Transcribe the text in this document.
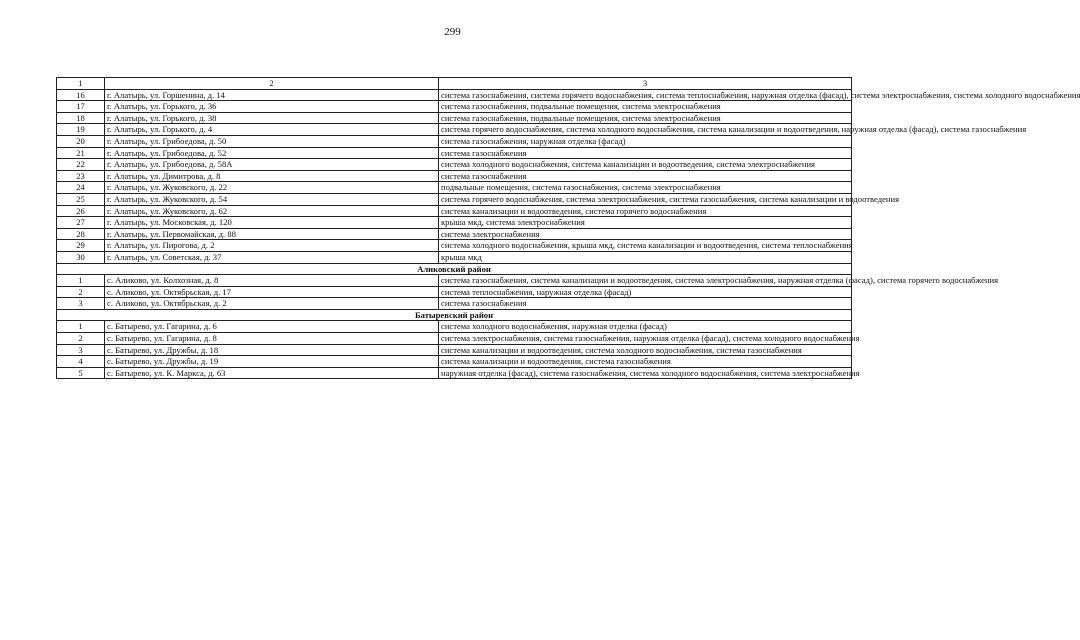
299
1	2	3
16	г. Алатырь, ул. Горшенина, д. 14	система газоснабжения, система горячего водоснабжения, система теплоснабжения, наружная отделка (фасад), система электроснабжения, система холодного водоснабжения
17	г. Алатырь, ул. Горького, д. 36	система газоснабжения, подвальные помещения, система электроснабжения
18	г. Алатырь, ул. Горького, д. 38	система газоснабжения, подвальные помещения, система электроснабжения
19	г. Алатырь, ул. Горького, д. 4	система горячего водоснабжения, система холодного водоснабжения, система канализации и водоотведения, наружная отделка (фасад), система газоснабжения
20	г. Алатырь, ул. Грибоедова, д. 50	система газоснабжения, наружная отделка (фасад)
21	г. Алатырь, ул. Грибоедова, д. 52	система газоснабжения
22	г. Алатырь, ул. Грибоедова, д. 58А	система холодного водоснабжения, система канализации и водоотведения, система электроснабжения
23	г. Алатырь, ул. Димитрова, д. 8	система газоснабжения
24	г. Алатырь, ул. Жуковского, д. 22	подвальные помещения, система газоснабжения, система электроснабжения
25	г. Алатырь, ул. Жуковского, д. 54	система горячего водоснабжения, система электроснабжения, система газоснабжения, система канализации и водоотведения
26	г. Алатырь, ул. Жуковского, д. 62	система канализации и водоотведения, система горячего водоснабжения
27	г. Алатырь, ул. Московская, д. 120	крыша мкд, система электроснабжения
28	г. Алатырь, ул. Первомайская, д. 88	система электроснабжения
29	г. Алатырь, ул. Пирогова, д. 2	система холодного водоснабжения, крыша мкд, система канализации и водоотведения, система теплоснабжения
30	г. Алатырь, ул. Советская, д. 37	крыша мкд
Аликовский район		
1	с. Аликово, ул. Колхозная, д. 8	система газоснабжения, система канализации и водоотведения, система электроснабжения, наружная отделка (фасад), система горячего водоснабжения
2	с. Аликово, ул. Октябрьская, д. 17	система теплоснабжения, наружная отделка (фасад)
3	с. Аликово, ул. Октябрьская, д. 2	система газоснабжения
Батыревский район		
1	с. Батырево, ул. Гагарина, д. 6	система холодного водоснабжения, наружная отделка (фасад)
2	с. Батырево, ул. Гагарина, д. 8	система электроснабжения, система газоснабжения, наружная отделка (фасад), система холодного водоснабжения
3	с. Батырево, ул. Дружбы, д. 18	система канализации и водоотведения, система холодного водоснабжения, система газоснабжения
4	с. Батырево, ул. Дружбы, д. 19	система канализации и водоотведения, система газоснабжения
5	с. Батырево, ул. К. Маркса, д. 63	наружная отделка (фасад), система газоснабжения, система холодного водоснабжения, система электроснабжения
